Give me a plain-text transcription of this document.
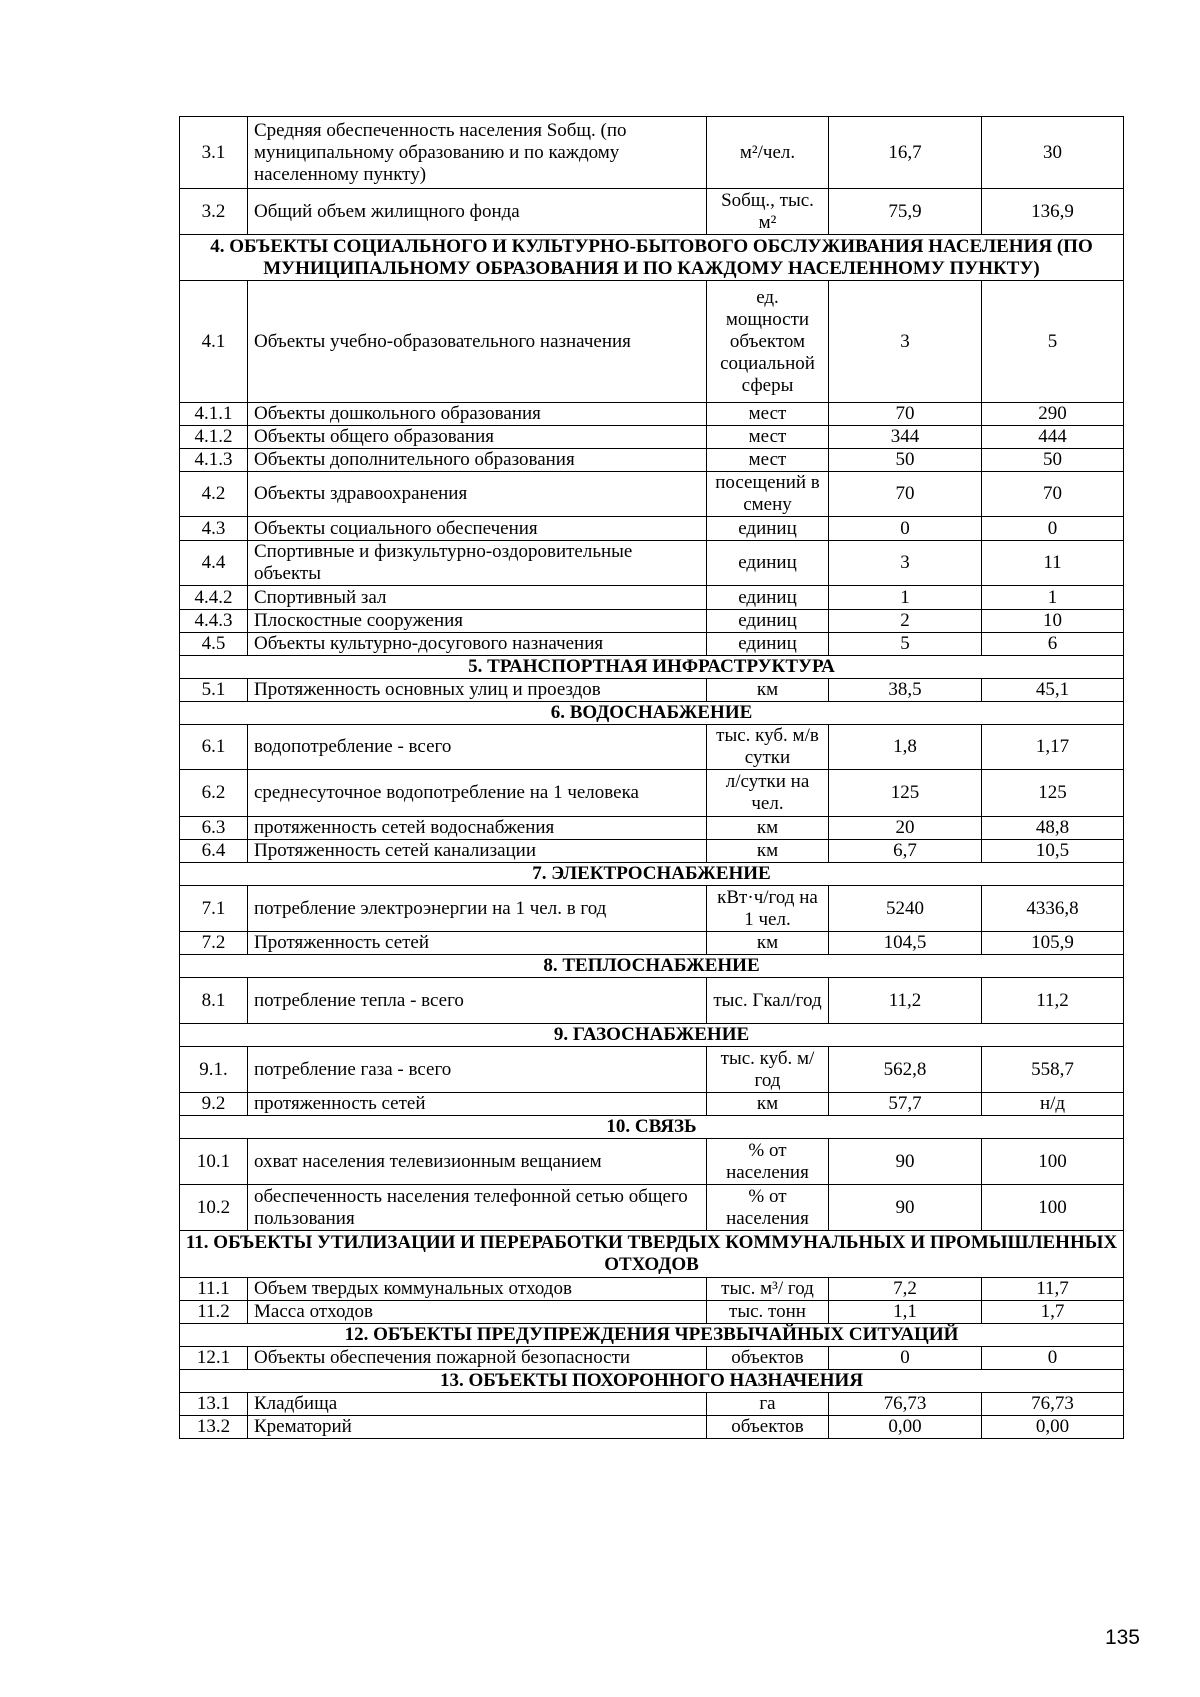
3.1	Средняя обеспеченность населения Sобщ. (по муниципальному образованию и по каждому населенному пункту)	м²/чел.	16,7	30
3.2	Общий объем жилищного фонда	Sобщ., тыс. м²	75,9	136,9
4. ОБЪЕКТЫ СОЦИАЛЬНОГО И КУЛЬТУРНО-БЫТОВОГО ОБСЛУЖИВАНИЯ НАСЕЛЕНИЯ (ПО МУНИЦИПАЛЬНОМУ ОБРАЗОВАНИЯ И ПО КАЖДОМУ НАСЕЛЕННОМУ ПУНКТУ)				
4.1	Объекты учебно-образовательного назначения	ед. мощности объектом социальной сферы	3	5
4.1.1	Объекты дошкольного образования	мест	70	290
4.1.2	Объекты общего образования	мест	344	444
4.1.3	Объекты дополнительного образования	мест	50	50
4.2	Объекты здравоохранения	посещений в смену	70	70
4.3	Объекты социального обеспечения	единиц	0	0
4.4	Спортивные и физкультурно-оздоровительные объекты	единиц	3	11
4.4.2	Спортивный зал	единиц	1	1
4.4.3	Плоскостные сооружения	единиц	2	10
4.5	Объекты культурно-досугового назначения	единиц	5	6
5. ТРАНСПОРТНАЯ ИНФРАСТРУКТУРА				
5.1	Протяженность основных улиц и проездов	км	38,5	45,1
6. ВОДОСНАБЖЕНИЕ				
6.1	водопотребление - всего	тыс. куб. м/в сутки	1,8	1,17
6.2	среднесуточное водопотребление на 1 человека	л/сутки на чел.	125	125
6.3	протяженность сетей водоснабжения	км	20	48,8
6.4	Протяженность сетей канализации	км	6,7	10,5
7. ЭЛЕКТРОСНАБЖЕНИЕ				
7.1	потребление электроэнергии на 1 чел. в год	кВт·ч/год на 1 чел.	5240	4336,8
7.2	Протяженность сетей	км	104,5	105,9
8. ТЕПЛОСНАБЖЕНИЕ				
8.1	потребление тепла - всего	тыс. Гкал/год	11,2	11,2
9. ГАЗОСНАБЖЕНИЕ				
9.1.	потребление газа - всего	тыс. куб. м/год	562,8	558,7
9.2	протяженность сетей	км	57,7	н/д
10. СВЯЗЬ				
10.1	охват населения телевизионным вещанием	% от населения	90	100
10.2	обеспеченность населения телефонной сетью общего пользования	% от населения	90	100
11. ОБЪЕКТЫ УТИЛИЗАЦИИ И ПЕРЕРАБОТКИ ТВЕРДЫХ КОММУНАЛЬНЫХ И ПРОМЫШЛЕННЫХ ОТХОДОВ				
11.1	Объем твердых коммунальных отходов	тыс. м³/ год	7,2	11,7
11.2	Масса отходов	тыс. тонн	1,1	1,7
12. ОБЪЕКТЫ ПРЕДУПРЕЖДЕНИЯ ЧРЕЗВЫЧАЙНЫХ СИТУАЦИЙ				
12.1	Объекты обеспечения пожарной безопасности	объектов	0	0
13. ОБЪЕКТЫ ПОХОРОННОГО НАЗНАЧЕНИЯ				
13.1	Кладбища	га	76,73	76,73
13.2	Крематорий	объектов	0,00	0,00
135
